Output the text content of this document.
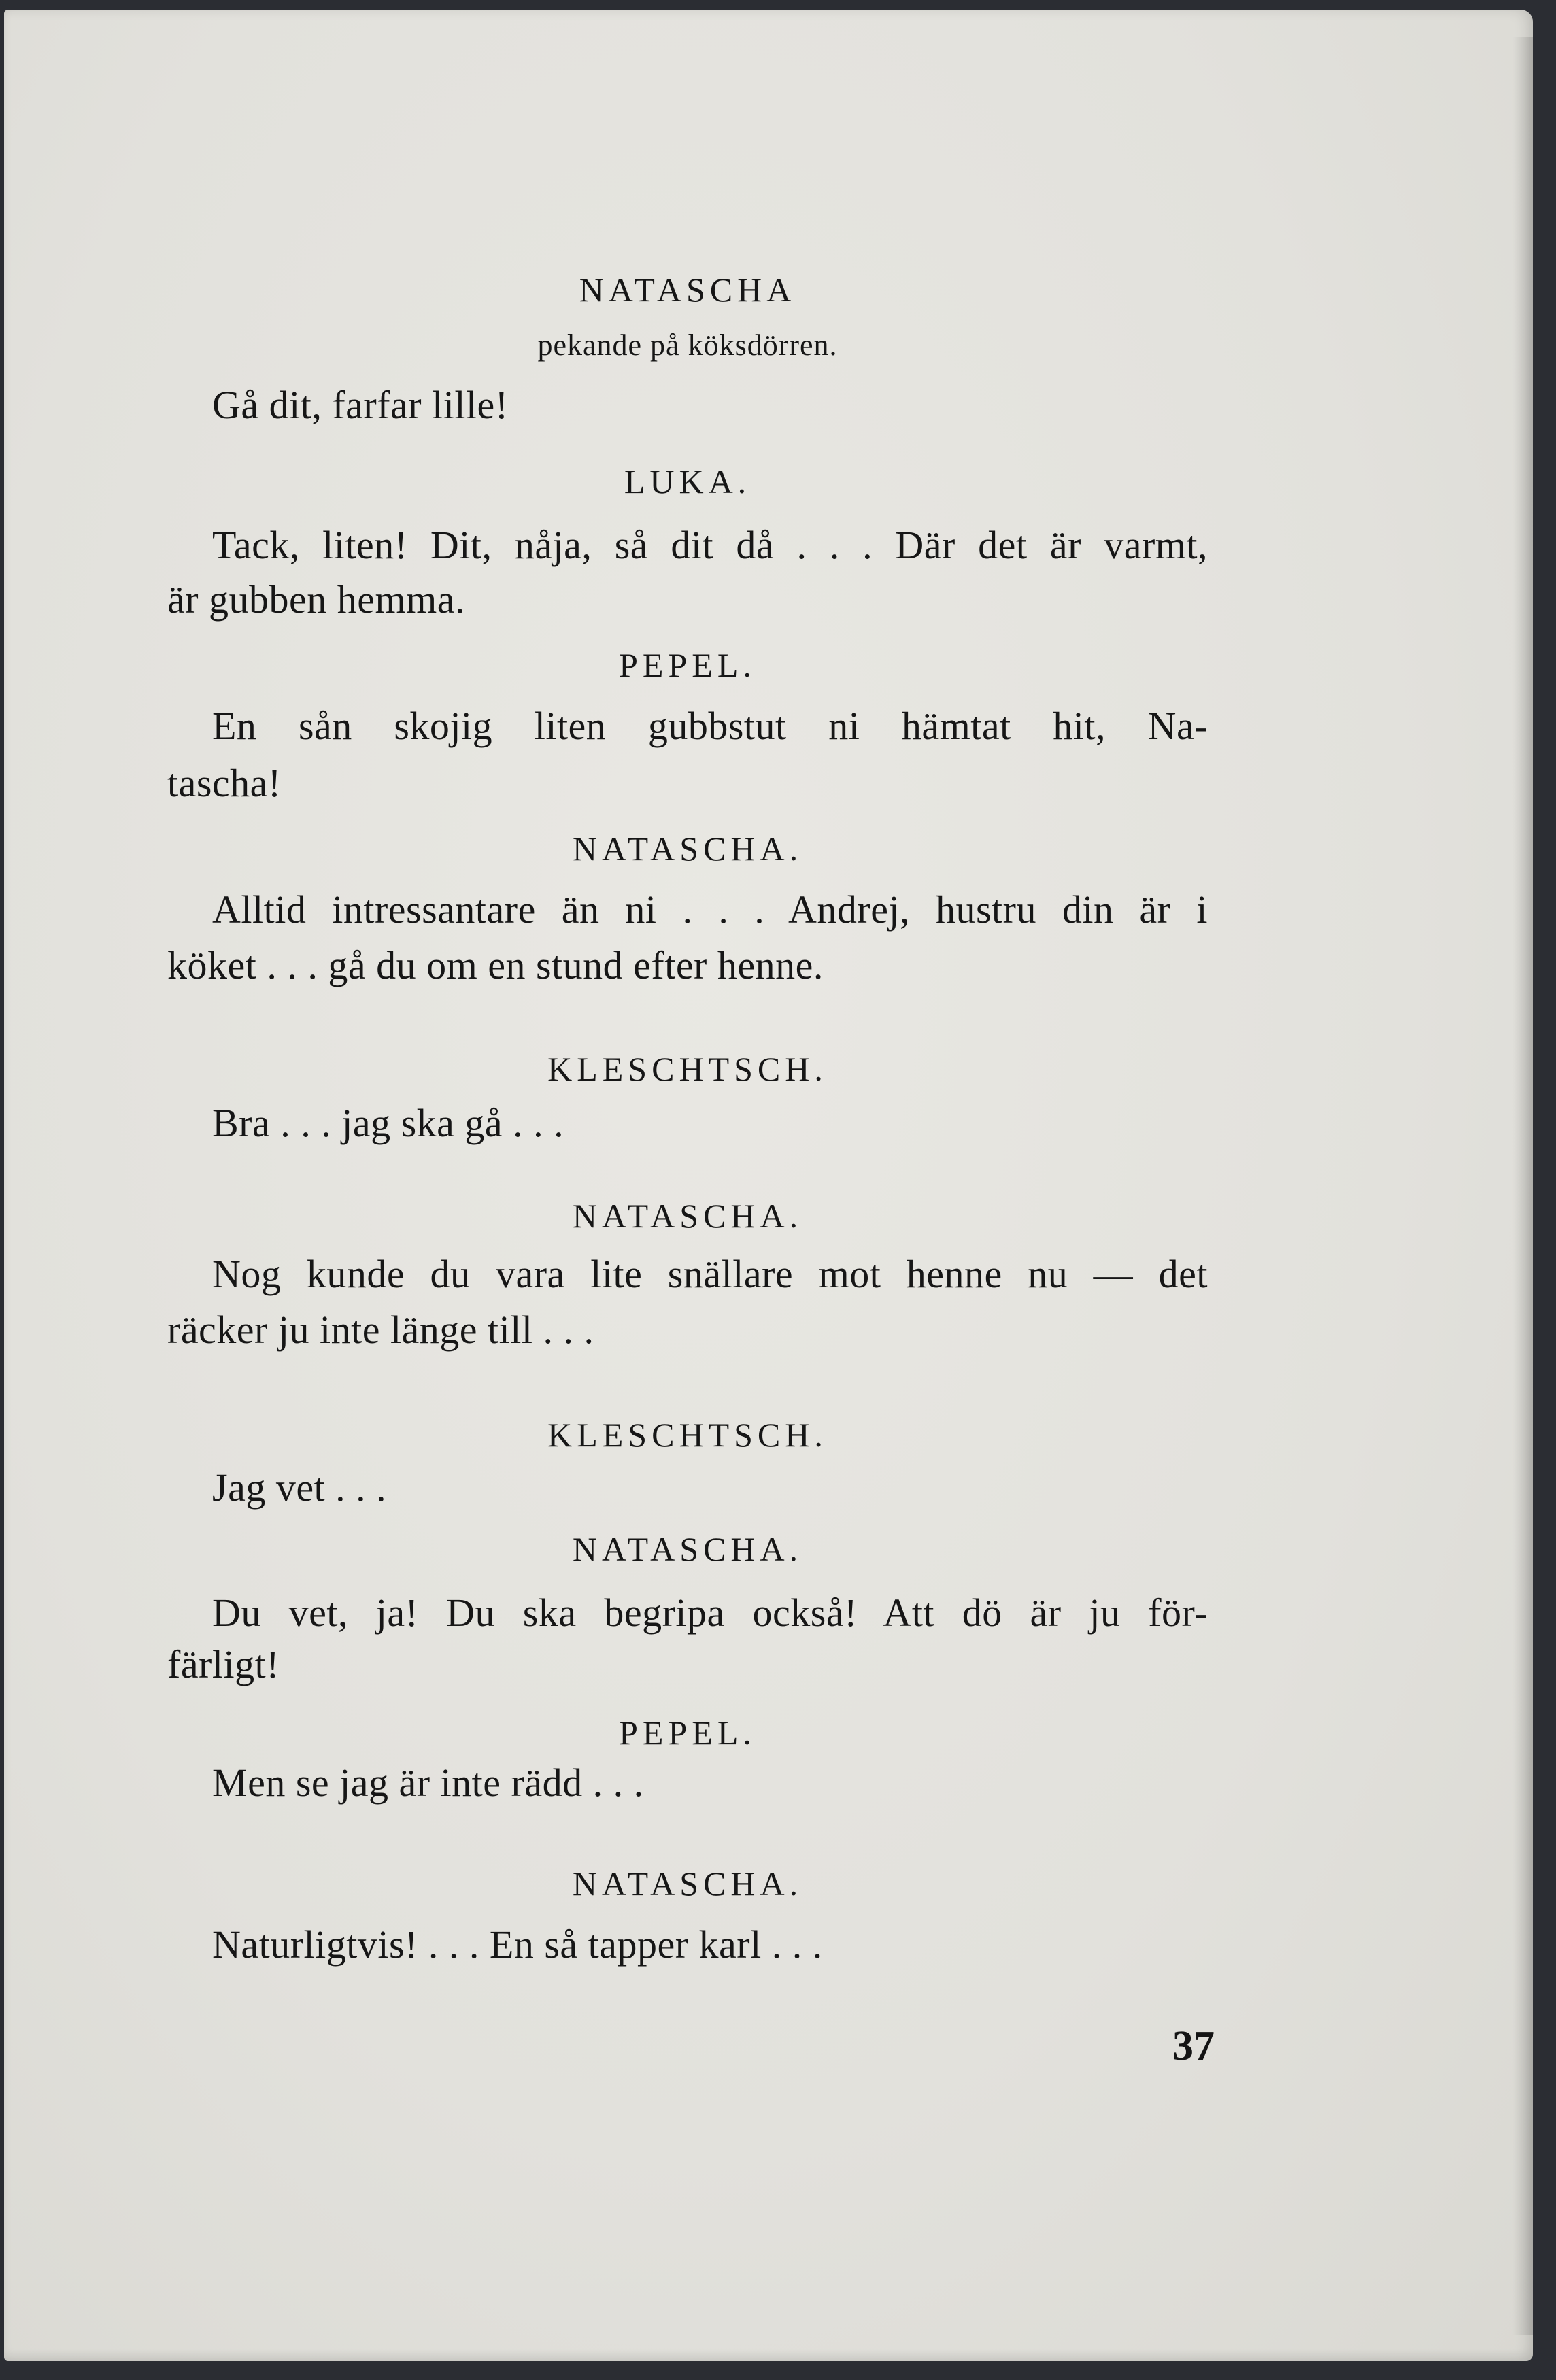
NATASCHA
pekande på köksdörren.
Gå dit, farfar lille!
LUKA.
Tack, liten! Dit, nåja, så dit då . . . Där det är varmt,
är gubben hemma.
PEPEL.
En sån skojig liten gubbstut ni hämtat hit, Na-
tascha!
NATASCHA.
Alltid intressantare än ni . . . Andrej, hustru din är i
köket . . . gå du om en stund efter henne.
KLESCHTSCH.
Bra . . . jag ska gå . . .
NATASCHA.
Nog kunde du vara lite snällare mot henne nu — det
räcker ju inte länge till . . .
KLESCHTSCH.
Jag vet . . .
NATASCHA.
Du vet, ja! Du ska begripa också! Att dö är ju för-
färligt!
PEPEL.
Men se jag är inte rädd . . .
NATASCHA.
Naturligtvis! . . . En så tapper karl . . .
37
